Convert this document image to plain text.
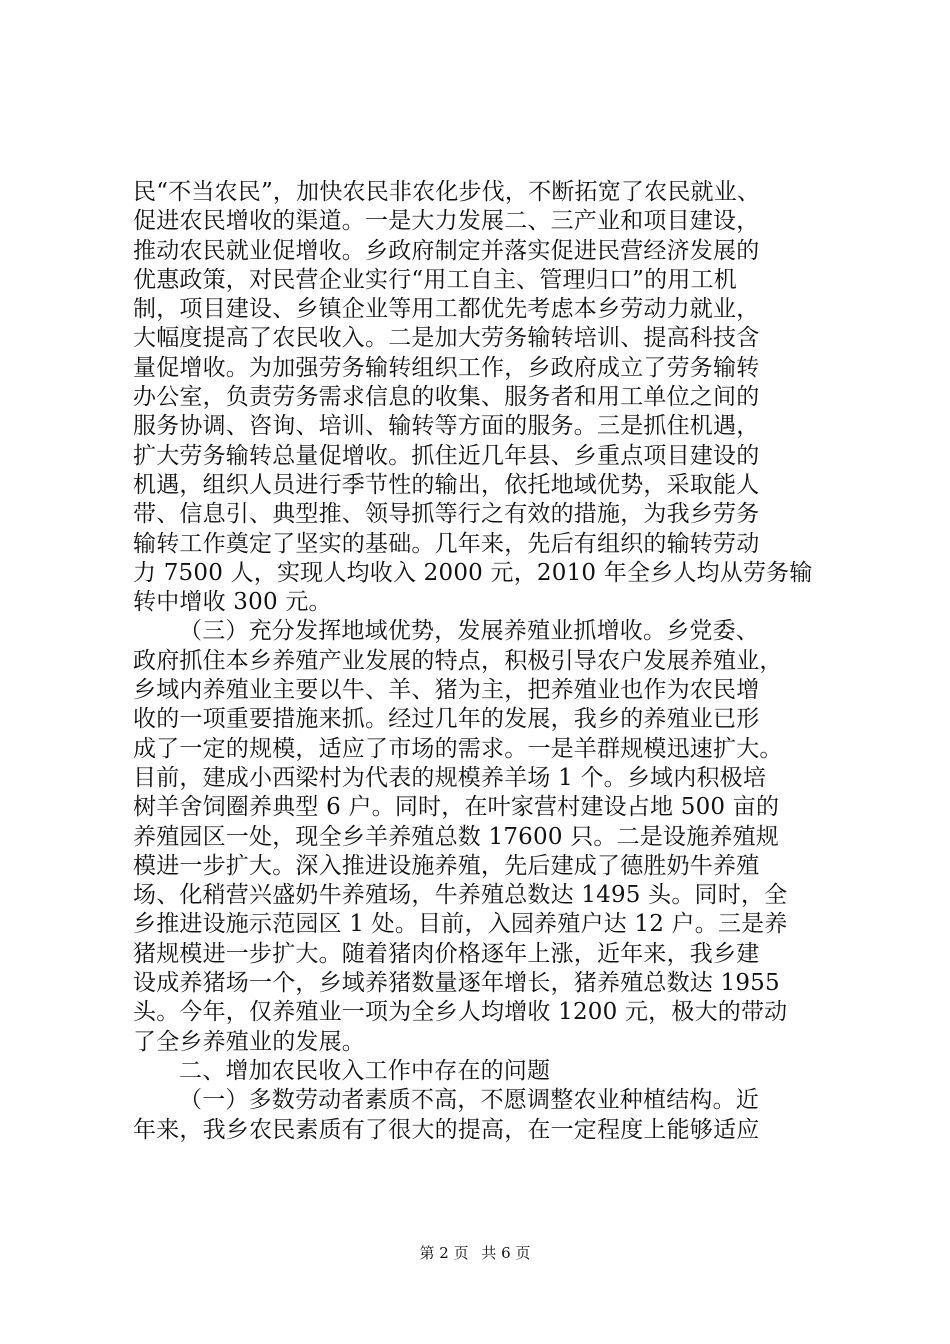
民“不当农民”，加快农民非农化步伐，不断拓宽了农民就业、
促进农民增收的渠道。一是大力发展二、三产业和项目建设，
推动农民就业促增收。乡政府制定并落实促进民营经济发展的
优惠政策，对民营企业实行“用工自主、管理归口”的用工机
制，项目建设、乡镇企业等用工都优先考虑本乡劳动力就业，
大幅度提高了农民收入。二是加大劳务输转培训、提高科技含
量促增收。为加强劳务输转组织工作，乡政府成立了劳务输转
办公室，负责劳务需求信息的收集、服务者和用工单位之间的
服务协调、咨询、培训、输转等方面的服务。三是抓住机遇，
扩大劳务输转总量促增收。抓住近几年县、乡重点项目建设的
机遇，组织人员进行季节性的输出，依托地域优势，采取能人
带、信息引、典型推、领导抓等行之有效的措施，为我乡劳务
输转工作奠定了坚实的基础。几年来，先后有组织的输转劳动
力 7500 人，实现人均收入 2000 元，2010 年全乡人均从劳务输
转中增收 300 元。
（三）充分发挥地域优势，发展养殖业抓增收。乡党委、
政府抓住本乡养殖产业发展的特点，积极引导农户发展养殖业，
乡域内养殖业主要以牛、羊、猪为主，把养殖业也作为农民增
收的一项重要措施来抓。经过几年的发展，我乡的养殖业已形
成了一定的规模，适应了市场的需求。一是羊群规模迅速扩大。
目前，建成小西梁村为代表的规模养羊场 1 个。乡域内积极培
树羊舍饲圈养典型 6 户。同时，在叶家营村建设占地 500 亩的
养殖园区一处，现全乡羊养殖总数 17600 只。二是设施养殖规
模进一步扩大。深入推进设施养殖，先后建成了德胜奶牛养殖
场、化稍营兴盛奶牛养殖场，牛养殖总数达 1495 头。同时，全
乡推进设施示范园区 1 处。目前，入园养殖户达 12 户。三是养
猪规模进一步扩大。随着猪肉价格逐年上涨，近年来，我乡建
设成养猪场一个，乡域养猪数量逐年增长，猪养殖总数达 1955
头。今年，仅养殖业一项为全乡人均增收 1200 元，极大的带动
了全乡养殖业的发展。
二、增加农民收入工作中存在的问题
（一）多数劳动者素质不高，不愿调整农业种植结构。近
年来，我乡农民素质有了很大的提高，在一定程度上能够适应
第 2 页 共 6 页
